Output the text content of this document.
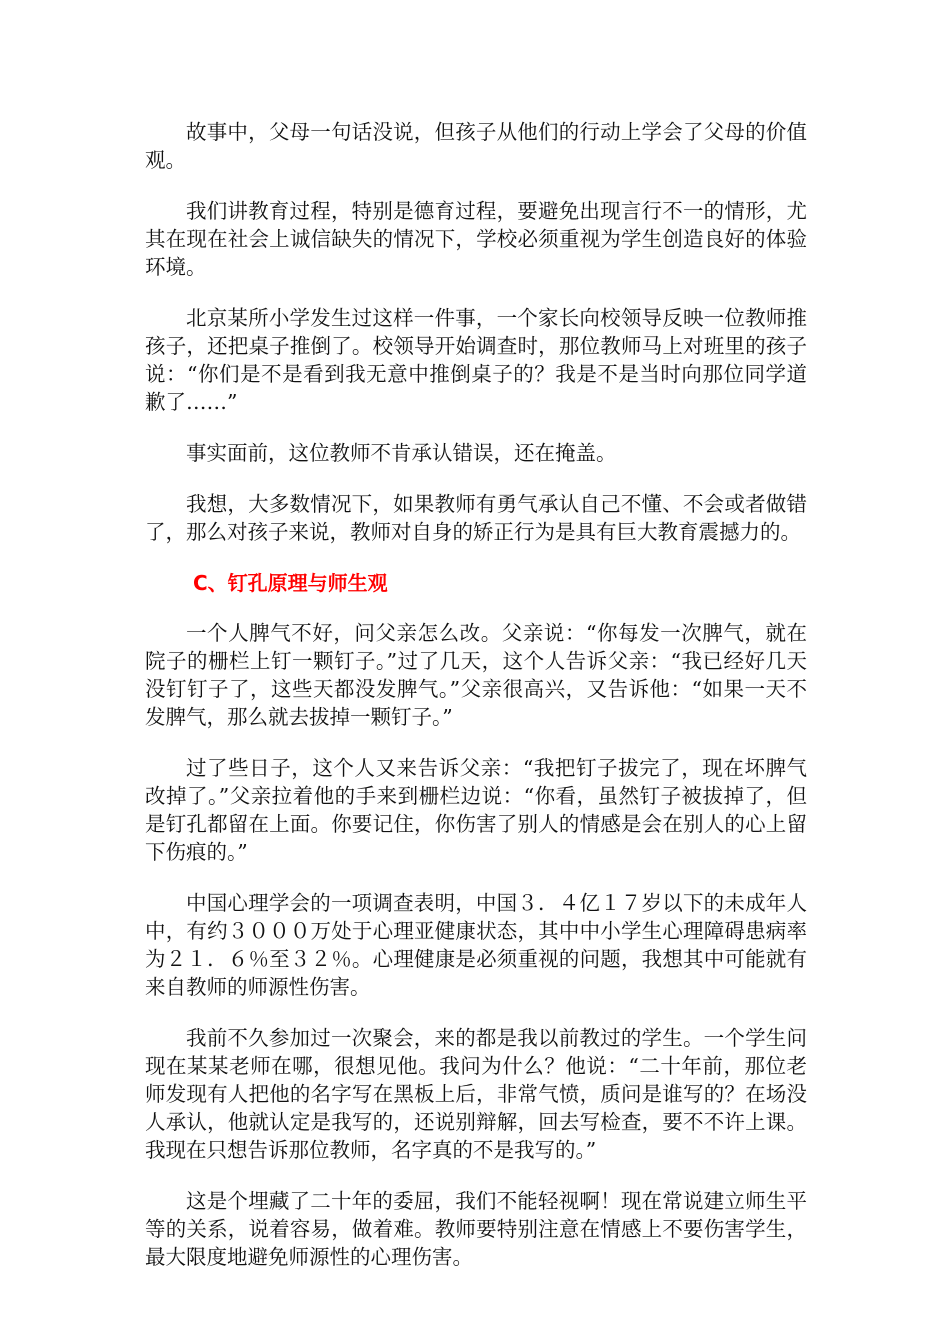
故事中，父母一句话没说，但孩子从他们的行动上学会了父母的价值观。

我们讲教育过程，特别是德育过程，要避免出现言行不一的情形，尤其在现在社会上诚信缺失的情况下，学校必须重视为学生创造良好的体验环境。

北京某所小学发生过这样一件事，一个家长向校领导反映一位教师推孩子，还把桌子推倒了。校领导开始调查时，那位教师马上对班里的孩子说：“你们是不是看到我无意中推倒桌子的？我是不是当时向那位同学道歉了……”

事实面前，这位教师不肯承认错误，还在掩盖。

我想，大多数情况下，如果教师有勇气承认自己不懂、不会或者做错了，那么对孩子来说，教师对自身的矫正行为是具有巨大教育震撼力的。

C、钉孔原理与师生观

一个人脾气不好，问父亲怎么改。父亲说：“你每发一次脾气，就在院子的栅栏上钉一颗钉子。”过了几天，这个人告诉父亲：“我已经好几天没钉钉子了，这些天都没发脾气。”父亲很高兴，又告诉他：“如果一天不发脾气，那么就去拔掉一颗钉子。”

过了些日子，这个人又来告诉父亲：“我把钉子拔完了，现在坏脾气改掉了。”父亲拉着他的手来到栅栏边说：“你看，虽然钉子被拔掉了，但是钉孔都留在上面。你要记住，你伤害了别人的情感是会在别人的心上留下伤痕的。”

中国心理学会的一项调查表明，中国３．４亿１７岁以下的未成年人中，有约３０００万处于心理亚健康状态，其中中小学生心理障碍患病率为２１．６％至３２％。心理健康是必须重视的问题，我想其中可能就有来自教师的师源性伤害。

我前不久参加过一次聚会，来的都是我以前教过的学生。一个学生问现在某某老师在哪，很想见他。我问为什么？他说：“二十年前，那位老师发现有人把他的名字写在黑板上后，非常气愤，质问是谁写的？在场没人承认，他就认定是我写的，还说别辩解，回去写检查，要不不许上课。我现在只想告诉那位教师，名字真的不是我写的。”

这是个埋藏了二十年的委屈，我们不能轻视啊！现在常说建立师生平等的关系，说着容易，做着难。教师要特别注意在情感上不要伤害学生，最大限度地避免师源性的心理伤害。
